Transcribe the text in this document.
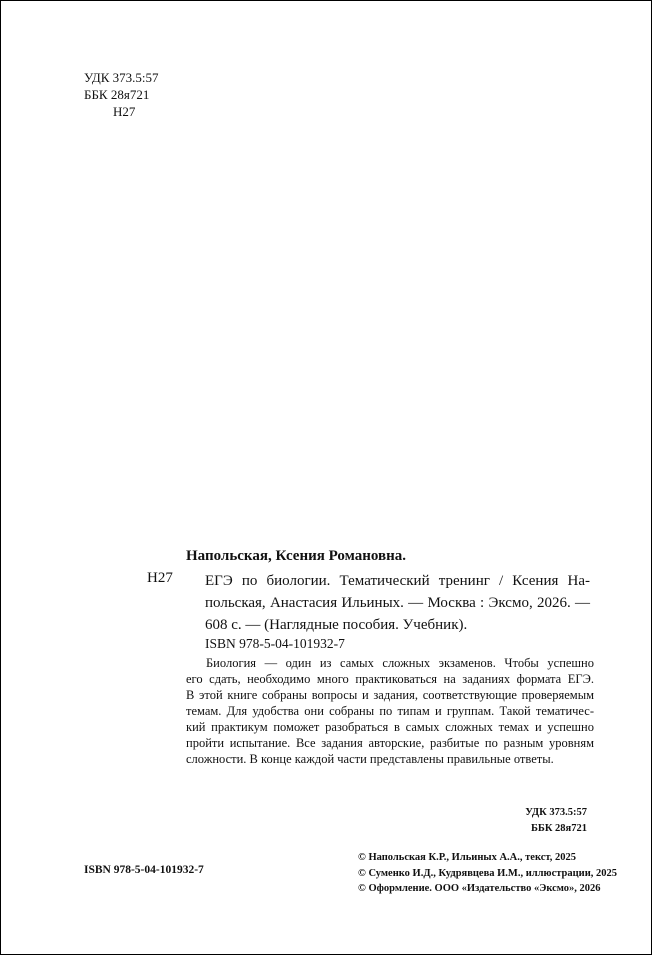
УДК 373.5:57
ББК 28я721
Н27
Напольская, Ксения Романовна.
Н27 ЕГЭ по биологии. Тематический тренинг / Ксения На-
польская, Анастасия Ильиных. — Москва : Эксмо, 2026. —
608 с. — (Наглядные пособия. Учебник).
ISBN 978-5-04-101932-7
Биология — один из самых сложных экзаменов. Чтобы успешно
его сдать, необходимо много практиковаться на заданиях формата ЕГЭ.
В этой книге собраны вопросы и задания, соответствующие проверяемым
темам. Для удобства они собраны по типам и группам. Такой тематичес-
кий практикум поможет разобраться в самых сложных темах и успешно
пройти испытание. Все задания авторские, разбитые по разным уровням
сложности. В конце каждой части представлены правильные ответы.
УДК 373.5:57
ББК 28я721
© Напольская К.Р., Ильиных А.А., текст, 2025
© Суменко И.Д., Кудрявцева И.М., иллюстрации, 2025
© Оформление. ООО «Издательство «Эксмо», 2026
ISBN 978-5-04-101932-7
